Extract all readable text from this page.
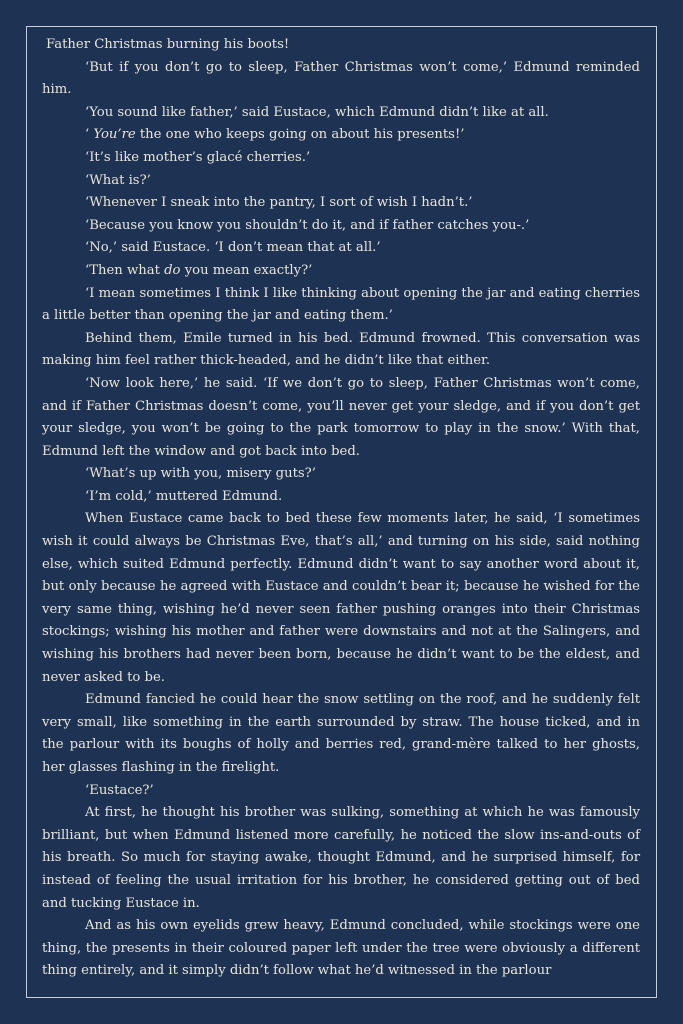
Father Christmas burning his boots!

‘But if you don’t go to sleep, Father Christmas won’t come,’ Edmund reminded him.

‘You sound like father,’ said Eustace, which Edmund didn’t like at all.

‘ You’re the one who keeps going on about his presents!’

‘It’s like mother’s glacé cherries.’

‘What is?’

‘Whenever I sneak into the pantry, I sort of wish I hadn’t.’

‘Because you know you shouldn’t do it, and if father catches you-.’

‘No,’ said Eustace. ‘I don’t mean that at all.’

‘Then what do you mean exactly?’

‘I mean sometimes I think I like thinking about opening the jar and eating cherries a little better than opening the jar and eating them.’

Behind them, Emile turned in his bed. Edmund frowned. This conversation was making him feel rather thick-headed, and he didn’t like that either.

‘Now look here,’ he said. ‘If we don’t go to sleep, Father Christmas won’t come, and if Father Christmas doesn’t come, you’ll never get your sledge, and if you don’t get your sledge, you won’t be going to the park tomorrow to play in the snow.’ With that, Edmund left the window and got back into bed.

‘What’s up with you, misery guts?’

‘I’m cold,’ muttered Edmund.

When Eustace came back to bed these few moments later, he said, ‘I sometimes wish it could always be Christmas Eve, that’s all,’ and turning on his side, said nothing else, which suited Edmund perfectly. Edmund didn’t want to say another word about it, but only because he agreed with Eustace and couldn’t bear it; because he wished for the very same thing, wishing he’d never seen father pushing oranges into their Christmas stockings; wishing his mother and father were downstairs and not at the Salingers, and wishing his brothers had never been born, because he didn’t want to be the eldest, and never asked to be.

Edmund fancied he could hear the snow settling on the roof, and he suddenly felt very small, like something in the earth surrounded by straw. The house ticked, and in the parlour with its boughs of holly and berries red, grand-mère talked to her ghosts, her glasses flashing in the firelight.

‘Eustace?’

At first, he thought his brother was sulking, something at which he was famously brilliant, but when Edmund listened more carefully, he noticed the slow ins-and-outs of his breath. So much for staying awake, thought Edmund, and he surprised himself, for instead of feeling the usual irritation for his brother, he considered getting out of bed and tucking Eustace in.

And as his own eyelids grew heavy, Edmund concluded, while stockings were one thing, the presents in their coloured paper left under the tree were obviously a different thing entirely, and it simply didn’t follow what he’d witnessed in the parlour
